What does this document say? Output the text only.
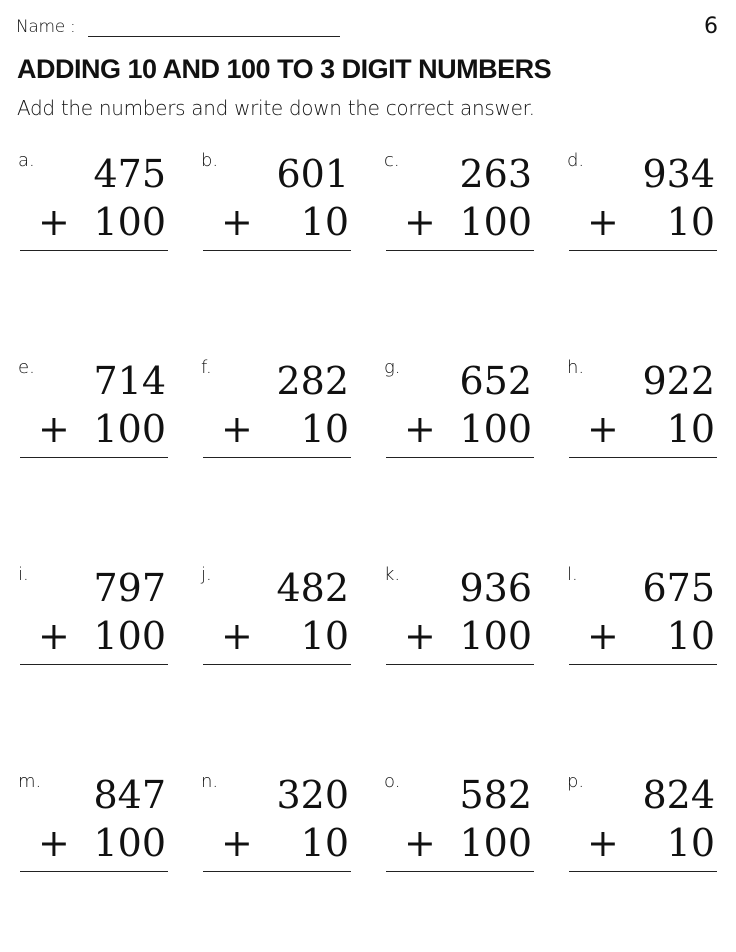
Name :	6
ADDING 10 AND 100 TO 3 DIGIT NUMBERS
Add the numbers and write down the correct answer.
a. 475
+ 100
b. 601
+ 10
c. 263
+ 100
d. 934
+ 10
e. 714
+ 100
f. 282
+ 10
g. 652
+ 100
h. 922
+ 10
i. 797
+ 100
j. 482
+ 10
k. 936
+ 100
l. 675
+ 10
m. 847
+ 100
n. 320
+ 10
o. 582
+ 100
p. 824
+ 10
